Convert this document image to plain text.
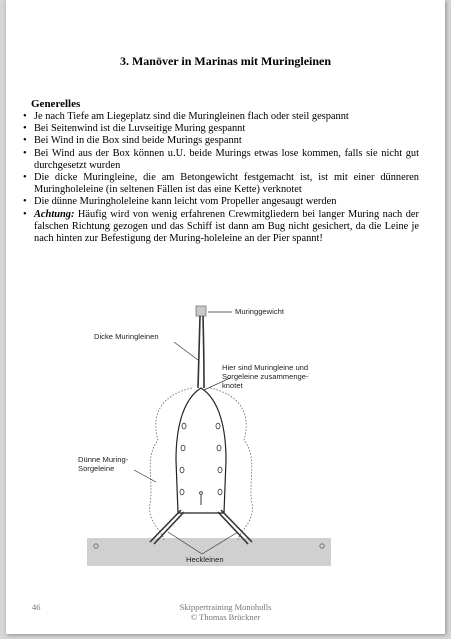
3. Manöver in Marinas mit Muringleinen
Generelles
• Je nach Tiefe am Liegeplatz sind die Muringleinen flach oder steil gespannt
• Bei Seitenwind ist die Luvseitige Muring gespannt
• Bei Wind in die Box sind beide Murings gespannt
• Bei Wind aus der Box können u.U. beide Murings etwas lose kommen, falls sie nicht gut durchgesetzt wurden
• Die dicke Muringleine, die am Betongewicht festgemacht ist, ist mit einer dünneren Muringholeleine (in seltenen Fällen ist das eine Kette) verknotet
• Die dünne Muringholeleine kann leicht vom Propeller angesaugt werden
• Achtung: Häufig wird von wenig erfahrenen Crewmitgliedern bei langer Muring nach der falschen Richtung gezogen und das Schiff ist dann am Bug nicht gesichert, da die Leine je nach hinten zur Befestigung der Muring-holeleine an der Pier spannt!
Muringgewicht
Dicke Muringleinen
Hier sind Muringleine und
Sorgeleine zusammenge-
knotet
Dünne Muring-
Sorgeleine
Heckleinen
46	Skippertraining Monohulls
© Thomas Brückner
